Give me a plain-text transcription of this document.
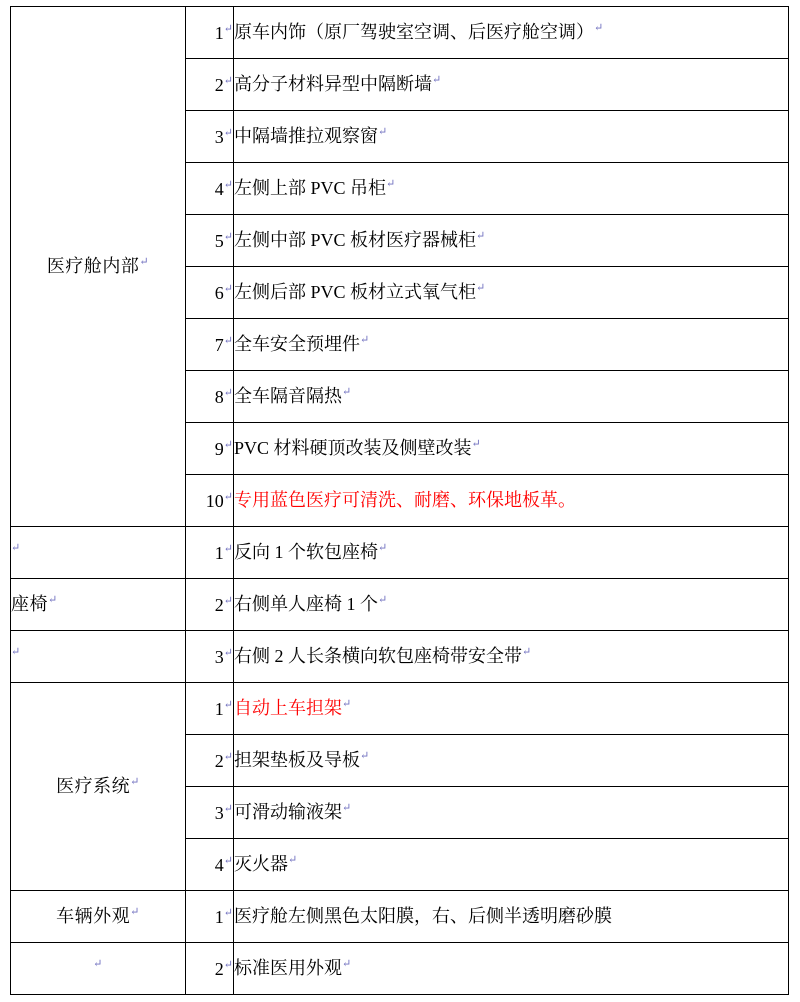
医疗舱内部↵	1↵	原车内饰（原厂驾驶室空调、后医疗舱空调）↵
	2↵	高分子材料异型中隔断墙↵
	3↵	中隔墙推拉观察窗↵
	4↵	左侧上部 PVC 吊柜↵
	5↵	左侧中部 PVC 板材医疗器械柜↵
	6↵	左侧后部 PVC 板材立式氧气柜↵
	7↵	全车安全预埋件↵
	8↵	全车隔音隔热↵
	9↵	PVC 材料硬顶改装及侧壁改装↵
	10↵	专用蓝色医疗可清洗、耐磨、环保地板革。
↵	1↵	反向 1 个软包座椅↵
座椅↵	2↵	右侧单人座椅 1 个↵
↵	3↵	右侧 2 人长条横向软包座椅带安全带↵
医疗系统↵	1↵	自动上车担架↵
	2↵	担架垫板及导板↵
	3↵	可滑动输液架↵
	4↵	灭火器↵
车辆外观↵	1↵	医疗舱左侧黑色太阳膜，右、后侧半透明磨砂膜
↵	2↵	标准医用外观↵
